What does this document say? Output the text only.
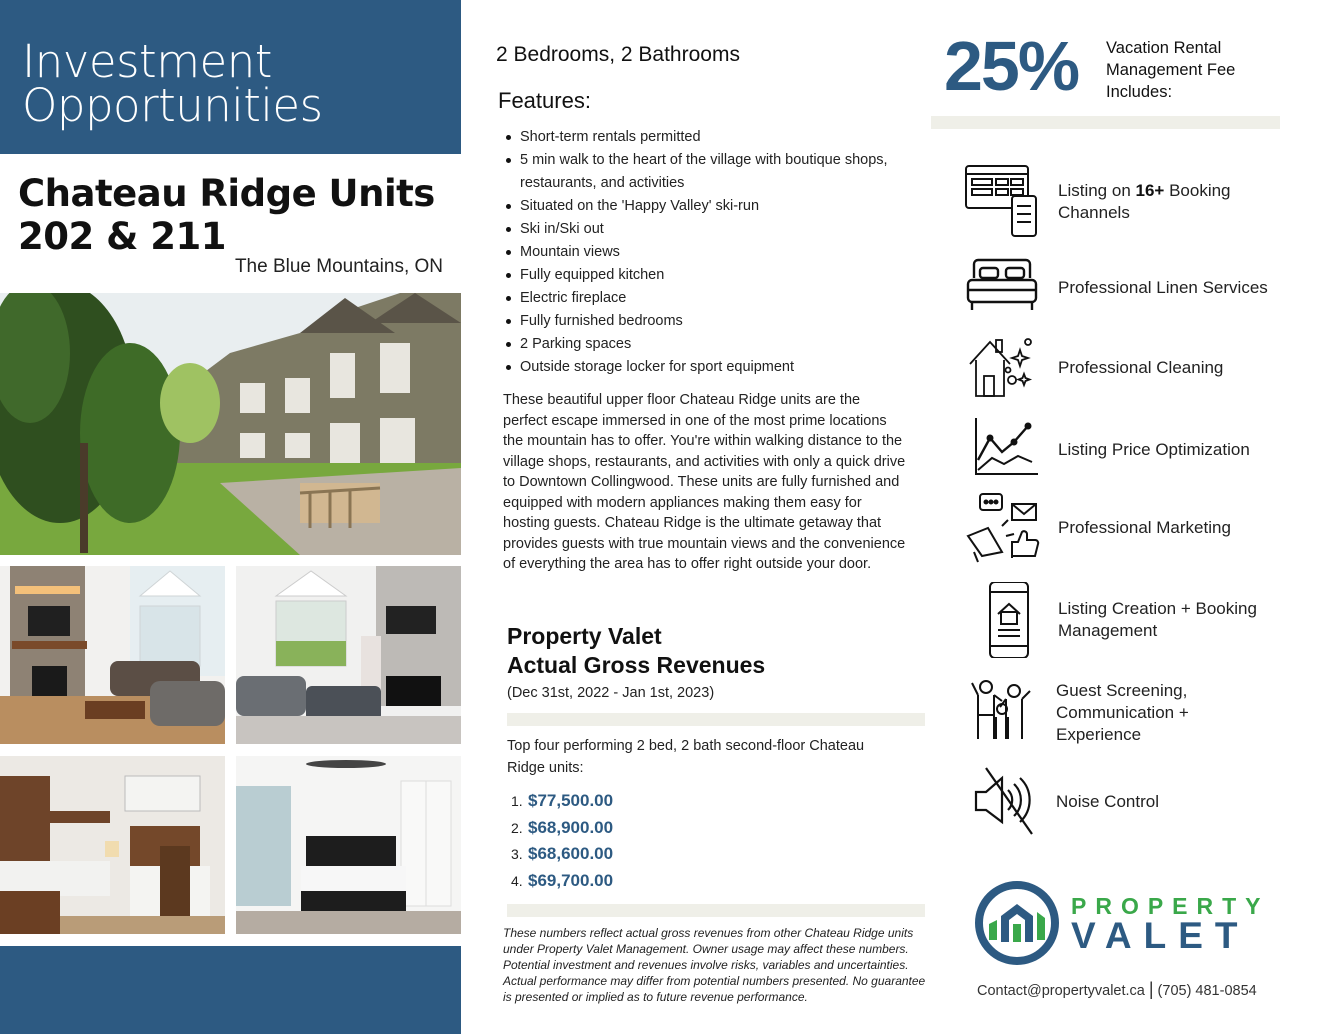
Investment
Opportunities
Chateau Ridge Units
202 & 211
The Blue Mountains, ON
2 Bedrooms, 2 Bathrooms
Features:
Short-term rentals permitted
5 min walk to the heart of the village with boutique shops, restaurants, and activities
Situated on the 'Happy Valley' ski-run
Ski in/Ski out
Mountain views
Fully equipped kitchen
Electric fireplace
Fully furnished bedrooms
2 Parking spaces
Outside storage locker for sport equipment

These beautiful upper floor Chateau Ridge units are the perfect escape immersed in one of the most prime locations the mountain has to offer. You're within walking distance to the village shops, restaurants, and activities with only a quick drive to Downtown Collingwood. These units are fully furnished and equipped with modern appliances making them easy for hosting guests. Chateau Ridge is the ultimate getaway that provides guests with true mountain views and the convenience of everything the area has to offer right outside your door.

Property Valet
Actual Gross Revenues
(Dec 31st, 2022 - Jan 1st, 2023)

Top four performing 2 bed, 2 bath second-floor Chateau Ridge units:

1. $77,500.00
2. $68,900.00
3. $68,600.00
4. $69,700.00

These numbers reflect actual gross revenues from other Chateau Ridge units under Property Valet Management. Owner usage may affect these numbers. Potential investment and revenues involve risks, variables and uncertainties. Actual performance may differ from potential numbers presented. No guarantee is presented or implied as to future revenue performance.

25% Vacation Rental Management Fee Includes:
Listing on 16+ Booking Channels
Professional Linen Services
Professional Cleaning
Listing Price Optimization
Professional Marketing
Listing Creation + Booking Management
Guest Screening, Communication + Experience
Noise Control
PROPERTY
VALET
Contact@propertyvalet.ca | (705) 481-0854
